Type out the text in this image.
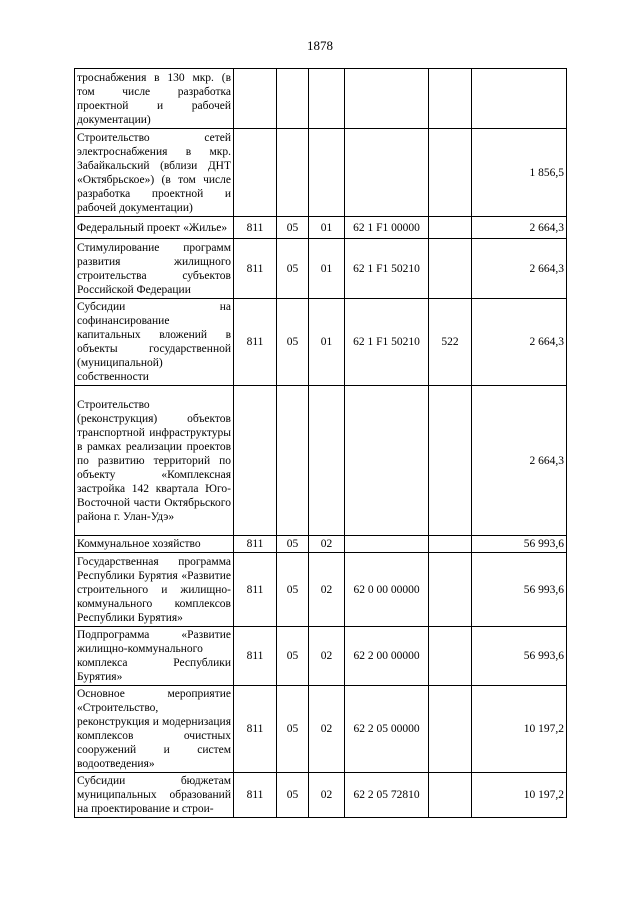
1878
троснабжения в 130 мкр. (в том числе разработка проектной и рабочей документации)						
Строительство сетей электроснабжения в мкр. Забайкальский (вблизи ДНТ «Октябрьское») (в том числе разработка проектной и рабочей документации)						1 856,5
Федеральный проект «Жилье»	811	05	01	62 1 F1 00000		2 664,3
Стимулирование программ развития жилищного строительства субъектов Российской Федерации	811	05	01	62 1 F1 50210		2 664,3
Субсидии на софинансирование капитальных вложений в объекты государственной (муниципальной) собственности	811	05	01	62 1 F1 50210	522	2 664,3
Строительство (реконструкция) объектов транспортной инфраструктуры в рамках реализации проектов по развитию территорий по объекту «Комплексная застройка 142 квартала Юго-Восточной части Октябрьского района г. Улан-Удэ»						2 664,3
Коммунальное хозяйство	811	05	02			56 993,6
Государственная программа Республики Бурятия «Развитие строительного и жилищно-коммунального комплексов Республики Бурятия»	811	05	02	62 0 00 00000		56 993,6
Подпрограмма «Развитие жилищно-коммунального комплекса Республики Бурятия»	811	05	02	62 2 00 00000		56 993,6
Основное мероприятие «Строительство, реконструкция и модернизация комплексов очистных сооружений и систем водоотведения»	811	05	02	62 2 05 00000		10 197,2
Субсидии бюджетам муниципальных образований на проектирование и строи-	811	05	02	62 2 05 72810		10 197,2
